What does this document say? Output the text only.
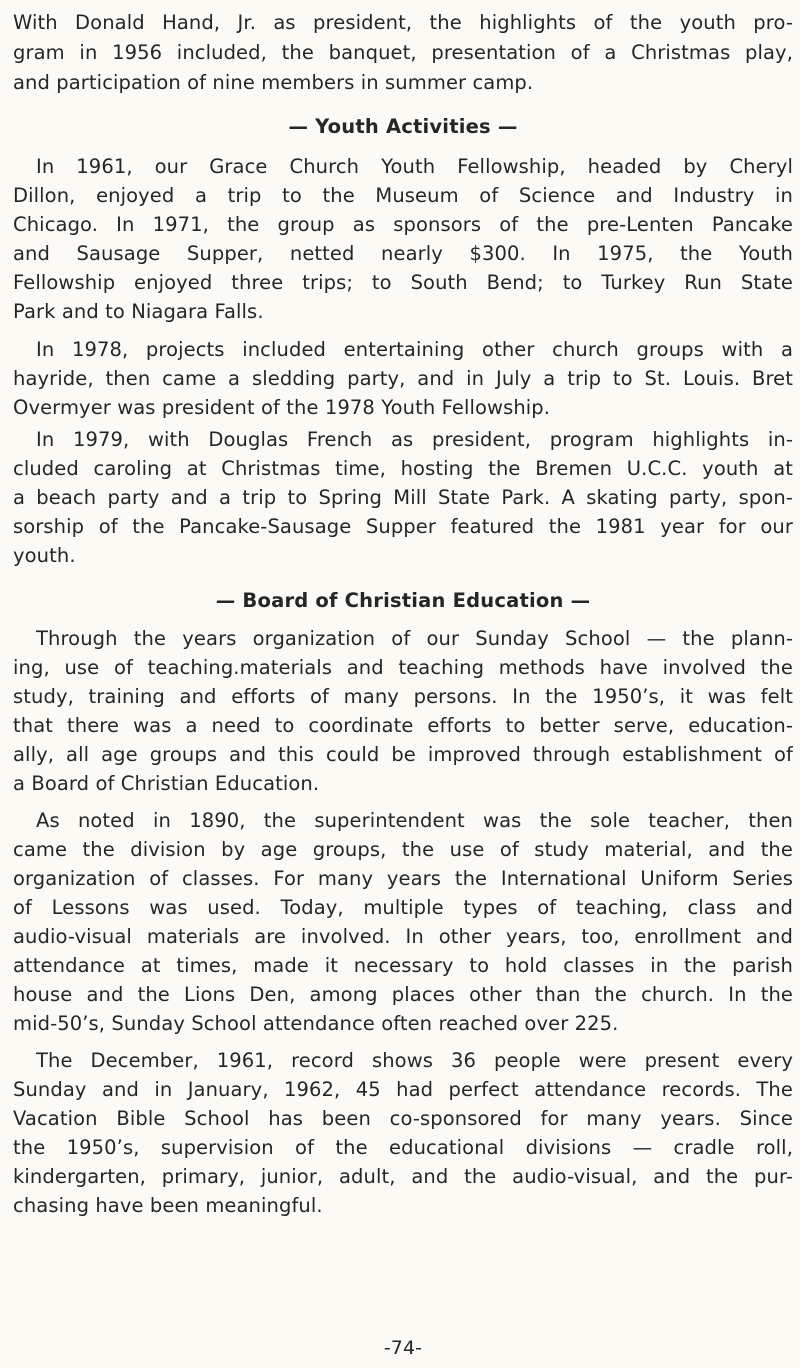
With Donald Hand, Jr. as president, the highlights of the youth pro-
gram in 1956 included, the banquet, presentation of a Christmas play,
and participation of nine members in summer camp.
— Youth Activities —
In 1961, our Grace Church Youth Fellowship, headed by Cheryl
Dillon, enjoyed a trip to the Museum of Science and Industry in
Chicago. In 1971, the group as sponsors of the pre-Lenten Pancake
and Sausage Supper, netted nearly $300. In 1975, the Youth
Fellowship enjoyed three trips; to South Bend; to Turkey Run State
Park and to Niagara Falls.
In 1978, projects included entertaining other church groups with a
hayride, then came a sledding party, and in July a trip to St. Louis. Bret
Overmyer was president of the 1978 Youth Fellowship.
In 1979, with Douglas French as president, program highlights in-
cluded caroling at Christmas time, hosting the Bremen U.C.C. youth at
a beach party and a trip to Spring Mill State Park. A skating party, spon-
sorship of the Pancake-Sausage Supper featured the 1981 year for our
youth.
— Board of Christian Education —
Through the years organization of our Sunday School — the plann-
ing, use of teaching.materials and teaching methods have involved the
study, training and efforts of many persons. In the 1950’s, it was felt
that there was a need to coordinate efforts to better serve, education-
ally, all age groups and this could be improved through establishment of
a Board of Christian Education.
As noted in 1890, the superintendent was the sole teacher, then
came the division by age groups, the use of study material, and the
organization of classes. For many years the International Uniform Series
of Lessons was used. Today, multiple types of teaching, class and
audio-visual materials are involved. In other years, too, enrollment and
attendance at times, made it necessary to hold classes in the parish
house and the Lions Den, among places other than the church. In the
mid-50’s, Sunday School attendance often reached over 225.
The December, 1961, record shows 36 people were present every
Sunday and in January, 1962, 45 had perfect attendance records. The
Vacation Bible School has been co-sponsored for many years. Since
the 1950’s, supervision of the educational divisions — cradle roll,
kindergarten, primary, junior, adult, and the audio-visual, and the pur-
chasing have been meaningful.
-74-
